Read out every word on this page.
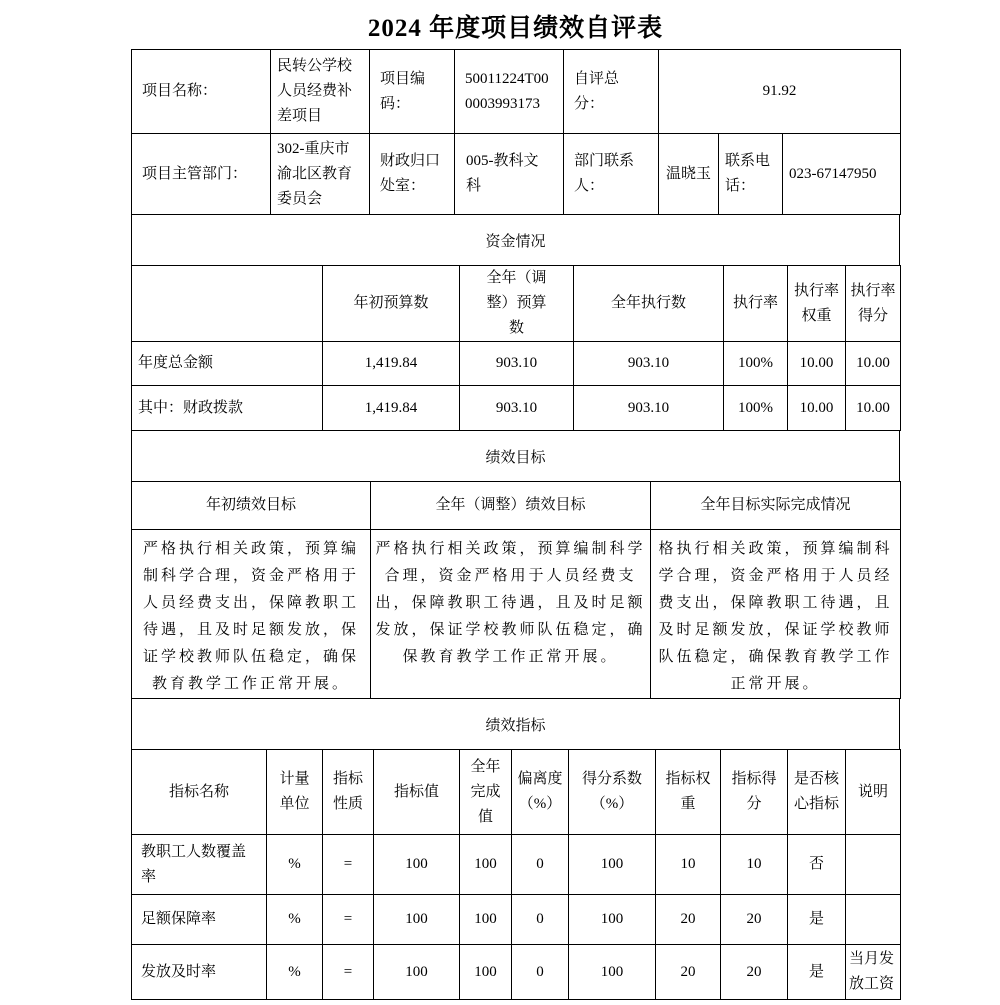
2024 年度项目绩效自评表
项目名称：	民转公学校人员经费补差项目	项目编码：	50011224T000003993173	自评总分：	91.92		
项目主管部门：	302-重庆市渝北区教育委员会	财政归口处室：	005-教科文科	部门联系人：	温晓玉	联系电话：	023-67147950
资金情况
	年初预算数	全年（调整）预算数	全年执行数	执行率	执行率权重	执行率得分
年度总金额	1,419.84	903.10	903.10	100%	10.00	10.00
其中：财政拨款	1,419.84	903.10	903.10	100%	10.00	10.00
绩效目标
年初绩效目标	全年（调整）绩效目标	全年目标实际完成情况
严格执行相关政策，预算编制科学合理，资金严格用于人员经费支出，保障教职工待遇，且及时足额发放，保证学校教师队伍稳定，确保教育教学工作正常开展。	严格执行相关政策，预算编制科学合理，资金严格用于人员经费支出，保障教职工待遇，且及时足额发放，保证学校教师队伍稳定，确保教育教学工作正常开展。	格执行相关政策，预算编制科学合理，资金严格用于人员经费支出，保障教职工待遇，且及时足额发放，保证学校教师队伍稳定，确保教育教学工作正常开展。
绩效指标
指标名称	计量单位	指标性质	指标值	全年完成值	偏离度（%）	得分系数（%）	指标权重	指标得分	是否核心指标	说明
教职工人数覆盖率	%	=	100	100	0	100	10	10	否	
足额保障率	%	=	100	100	0	100	20	20	是	
发放及时率	%	=	100	100	0	100	20	20	是	当月发放工资
